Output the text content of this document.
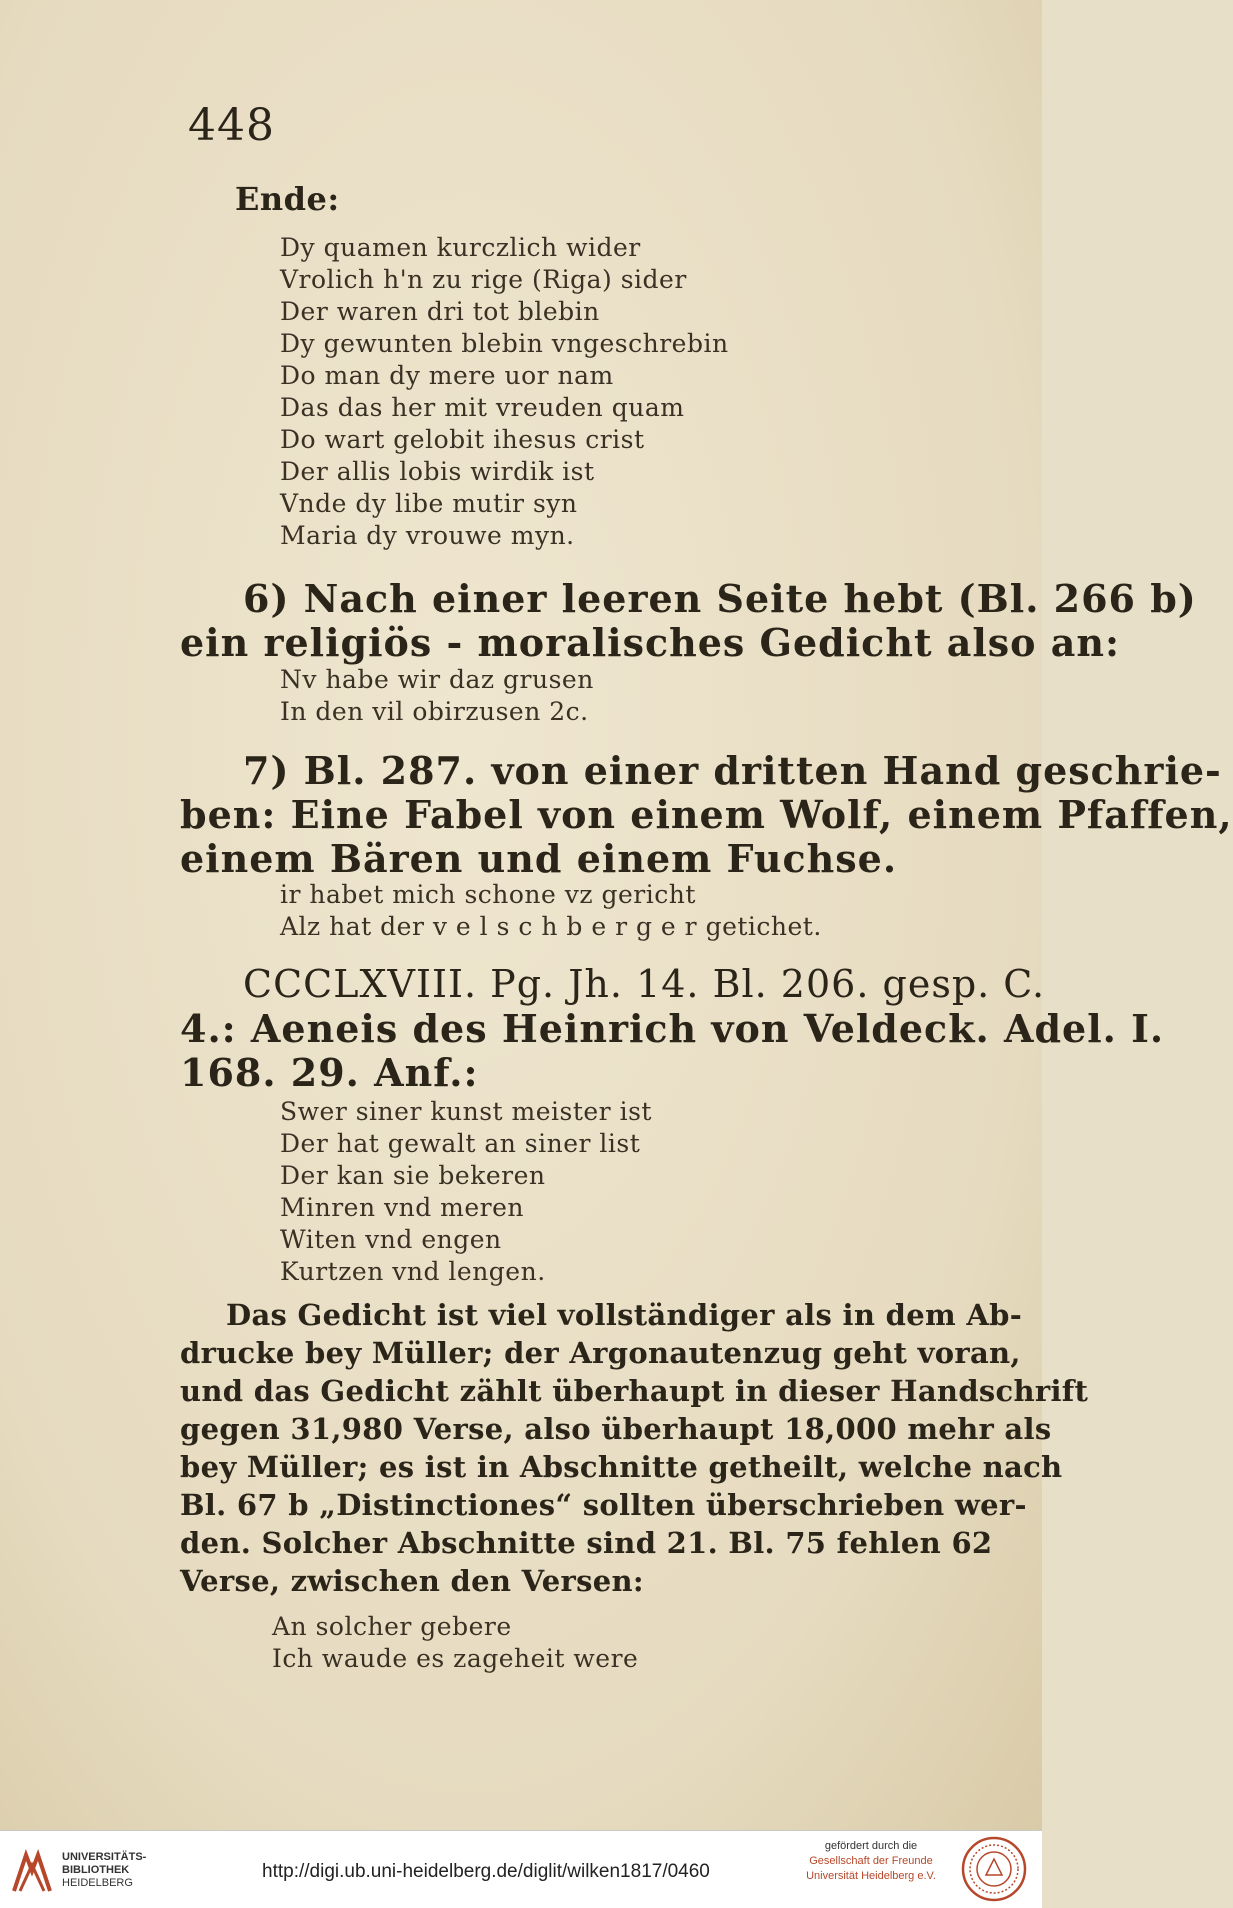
448
Ende:
Dy quamen kurczlich wider
Vrolich h'n zu rige (Riga) sider
Der waren dri tot blebin
Dy gewunten blebin vngeschrebin
Do man dy mere uor nam
Das das her mit vreuden quam
Do wart gelobit ihesus crist
Der allis lobis wirdik ist
Vnde dy libe mutir syn
Maria dy vrouwe myn.
6) Nach einer leeren Seite hebt (Bl. 266 b)
ein religiös - moralisches Gedicht also an:
Nv habe wir daz grusen
In den vil obirzusen 2c.
7) Bl. 287. von einer dritten Hand geschrie-
ben: Eine Fabel von einem Wolf, einem Pfaffen,
einem Bären und einem Fuchse.
ir habet mich schone vz gericht
Alz hat der v e l s c h b e r g e r getichet.
CCCLXVIII. Pg. Jh. 14. Bl. 206. gesp. C.
4.: Aeneis des Heinrich von Veldeck. Adel. I.
168. 29. Anf.:
Swer siner kunst meister ist
Der hat gewalt an siner list
Der kan sie bekeren
Minren vnd meren
Witen vnd engen
Kurtzen vnd lengen.
Das Gedicht ist viel vollständiger als in dem Ab-
drucke bey Müller; der Argonautenzug geht voran,
und das Gedicht zählt überhaupt in dieser Handschrift
gegen 31,980 Verse, also überhaupt 18,000 mehr als
bey Müller; es ist in Abschnitte getheilt, welche nach
Bl. 67 b „Distinctiones“ sollten überschrieben wer-
den. Solcher Abschnitte sind 21. Bl. 75 fehlen 62
Verse, zwischen den Versen:
An solcher gebere
Ich waude es zageheit were
UNIVERSITÄTS-
BIBLIOTHEK
HEIDELBERG
http://digi.ub.uni-heidelberg.de/diglit/wilken1817/0460
gefördert durch die
Gesellschaft der Freunde
Universität Heidelberg e.V.
